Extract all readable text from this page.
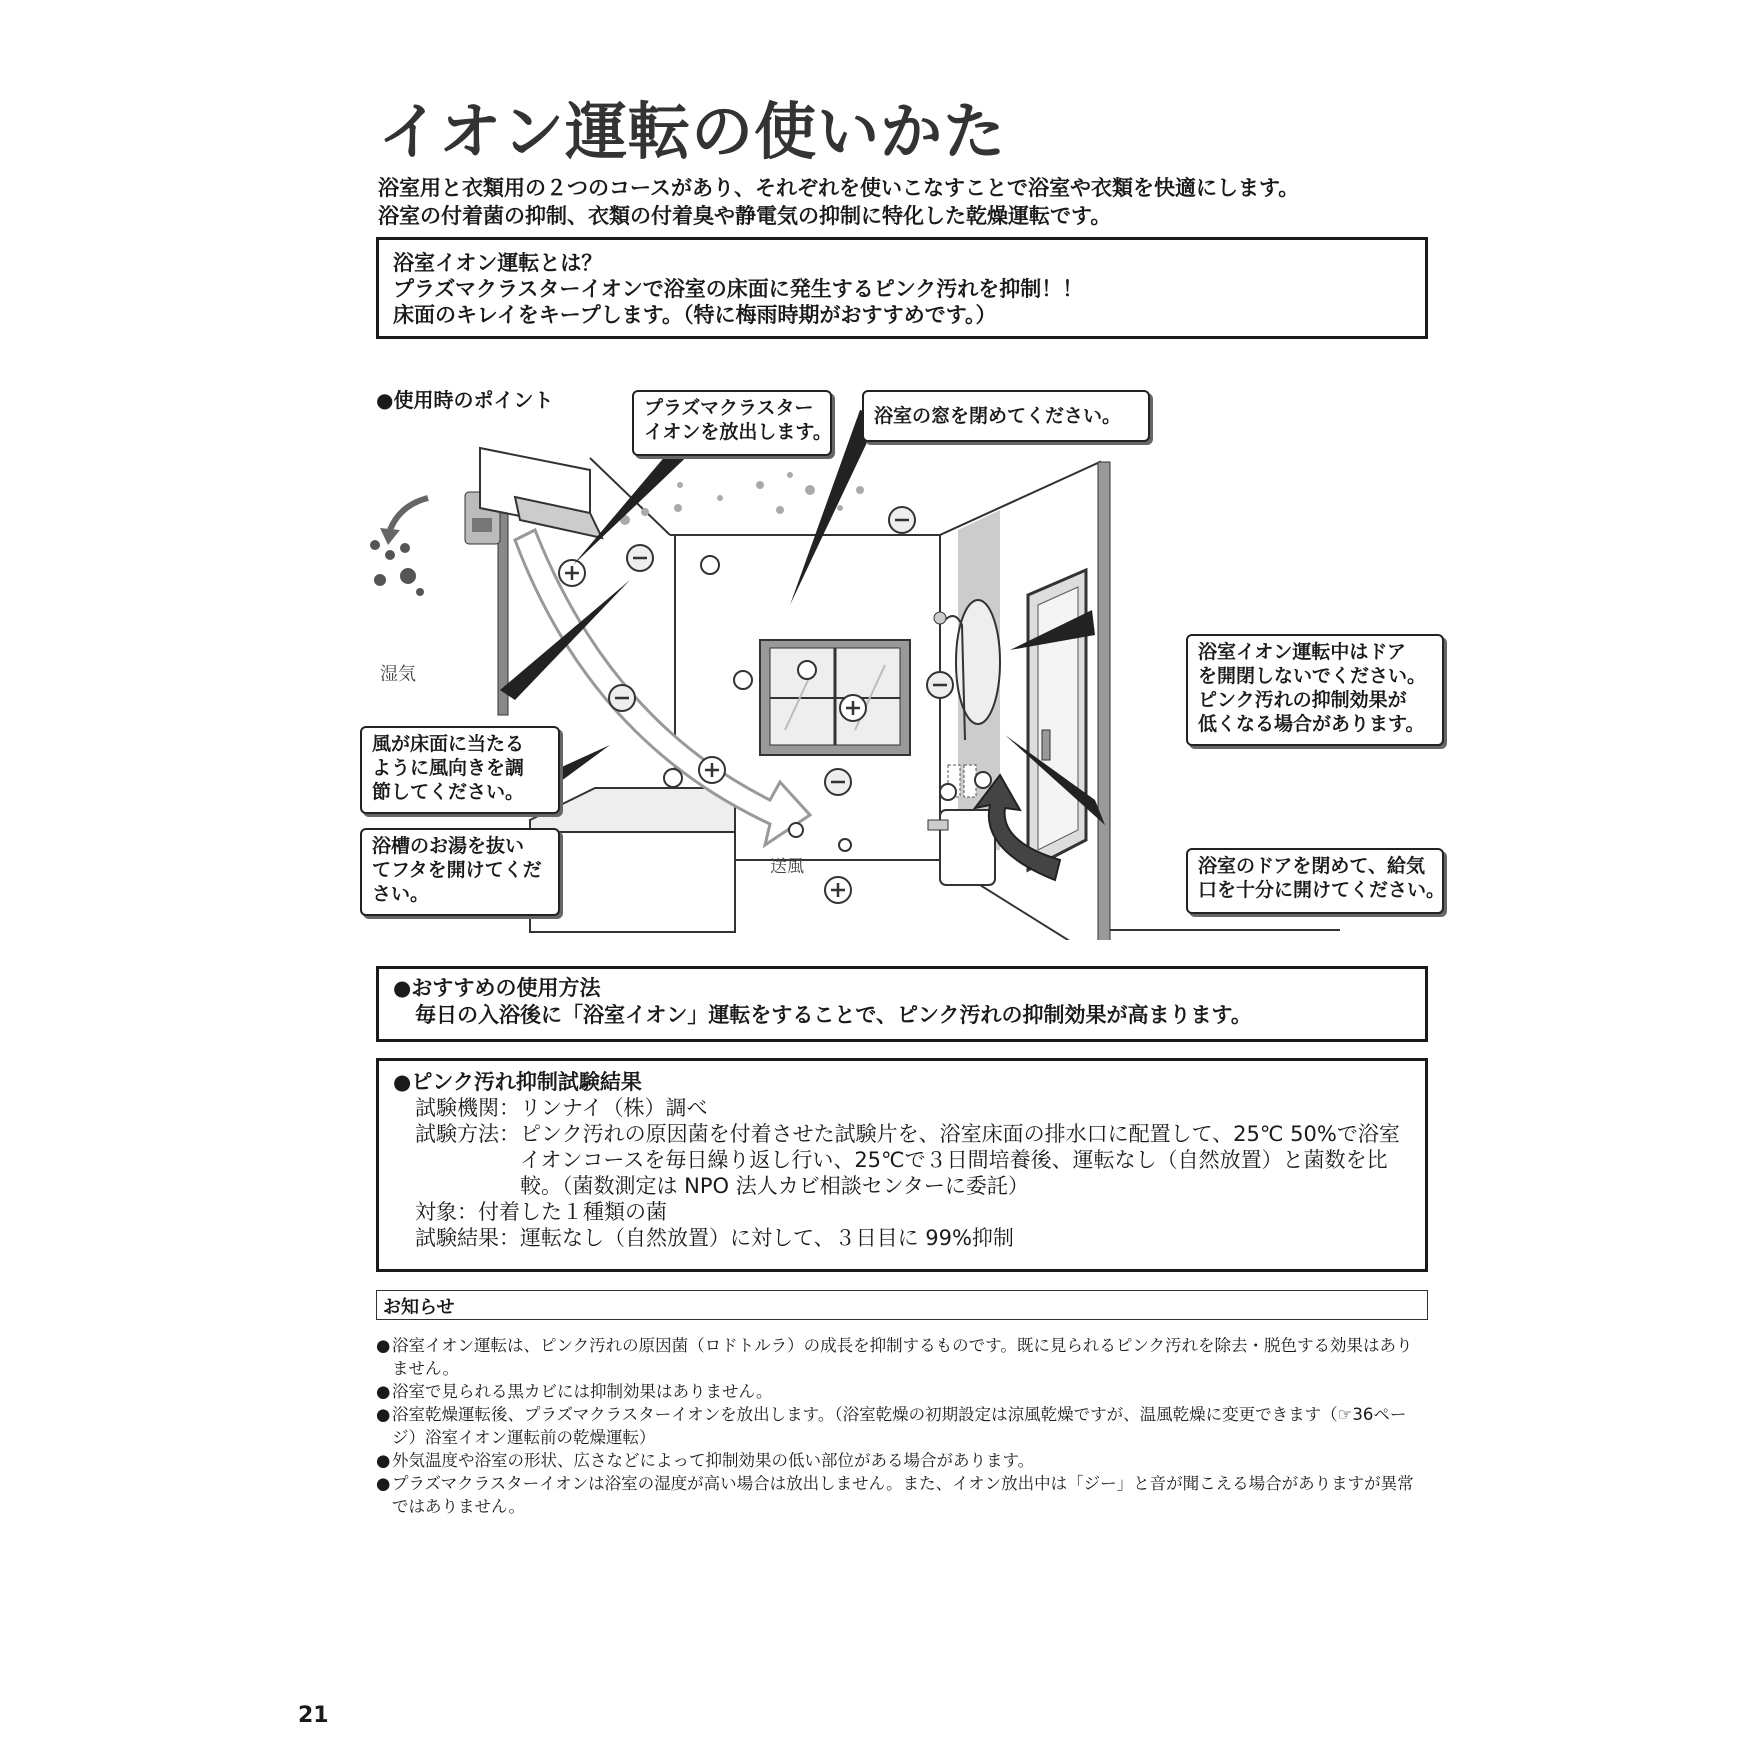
イオン運転の使いかた
浴室用と衣類用の２つのコースがあり、それぞれを使いこなすことで浴室や衣類を快適にします。
浴室の付着菌の抑制、衣類の付着臭や静電気の抑制に特化した乾燥運転です。
浴室イオン運転とは？
プラズマクラスターイオンで浴室の床面に発生するピンク汚れを抑制！！
床面のキレイをキープします。（特に梅雨時期がおすすめです。）
●使用時のポイント
湿気
送風
プラズマクラスター
イオンを放出します。
浴室の窓を閉めてください。
風が床面に当たる
ように風向きを調
節してください。
浴槽のお湯を抜い
てフタを開けてくだ
さい。
浴室イオン運転中はドア
を開閉しないでください。
ピンク汚れの抑制効果が
低くなる場合があります。
浴室のドアを閉めて、給気
口を十分に開けてください。
●おすすめの使用方法
毎日の入浴後に「浴室イオン」運転をすることで、ピンク汚れの抑制効果が高まります。
●ピンク汚れ抑制試験結果
試験機関： リンナイ（株）調べ
試験方法： ピンク汚れの原因菌を付着させた試験片を、浴室床面の排水口に配置して、25℃ 50%で浴室イオンコースを毎日繰り返し行い、25℃で３日間培養後、運転なし（自然放置）と菌数を比較。（菌数測定は NPO 法人カビ相談センターに委託）
対象： 付着した１種類の菌
試験結果： 運転なし（自然放置）に対して、３日目に 99%抑制
お知らせ
● 浴室イオン運転は、ピンク汚れの原因菌（ロドトルラ）の成長を抑制するものです。既に見られるピンク汚れを除去・脱色する効果はありません。
● 浴室で見られる黒カビには抑制効果はありません。
● 浴室乾燥運転後、プラズマクラスターイオンを放出します。（浴室乾燥の初期設定は涼風乾燥ですが、温風乾燥に変更できます（☞36ページ）浴室イオン運転前の乾燥運転）
● 外気温度や浴室の形状、広さなどによって抑制効果の低い部位がある場合があります。
● プラズマクラスターイオンは浴室の湿度が高い場合は放出しません。また、イオン放出中は「ジー」と音が聞こえる場合がありますが異常ではありません。
21
